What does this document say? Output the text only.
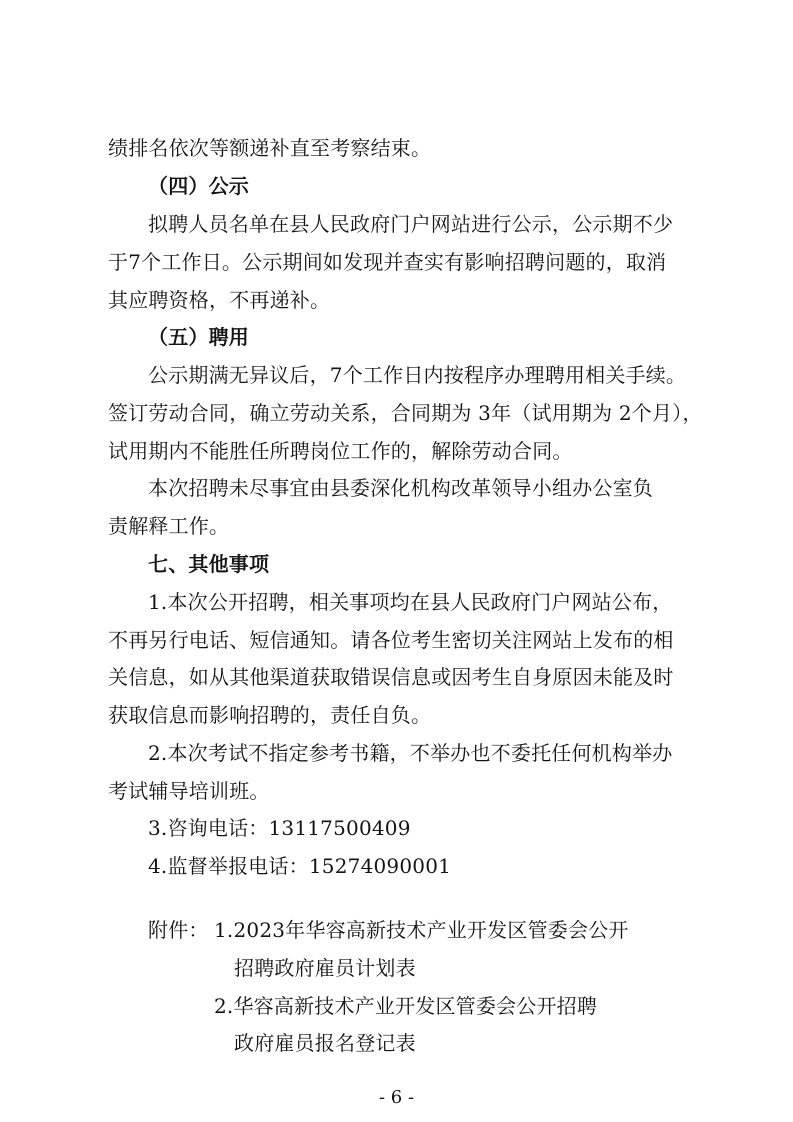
绩排名依次等额递补直至考察结束。
（四）公示
拟聘人员名单在县人民政府门户网站进行公示，公示期不少
于7个工作日。公示期间如发现并查实有影响招聘问题的，取消
其应聘资格，不再递补。
（五）聘用
公示期满无异议后，7个工作日内按程序办理聘用相关手续。
签订劳动合同，确立劳动关系，合同期为 3年（试用期为 2个月），
试用期内不能胜任所聘岗位工作的，解除劳动合同。
本次招聘未尽事宜由县委深化机构改革领导小组办公室负
责解释工作。
七、其他事项
1.本次公开招聘，相关事项均在县人民政府门户网站公布，
不再另行电话、短信通知。请各位考生密切关注网站上发布的相
关信息，如从其他渠道获取错误信息或因考生自身原因未能及时
获取信息而影响招聘的，责任自负。
2.本次考试不指定参考书籍，不举办也不委托任何机构举办
考试辅导培训班。
3.咨询电话：13117500409
4.监督举报电话：15274090001
附件： 1.2023年华容高新技术产业开发区管委会公开
招聘政府雇员计划表
2.华容高新技术产业开发区管委会公开招聘
政府雇员报名登记表
- 6 -
